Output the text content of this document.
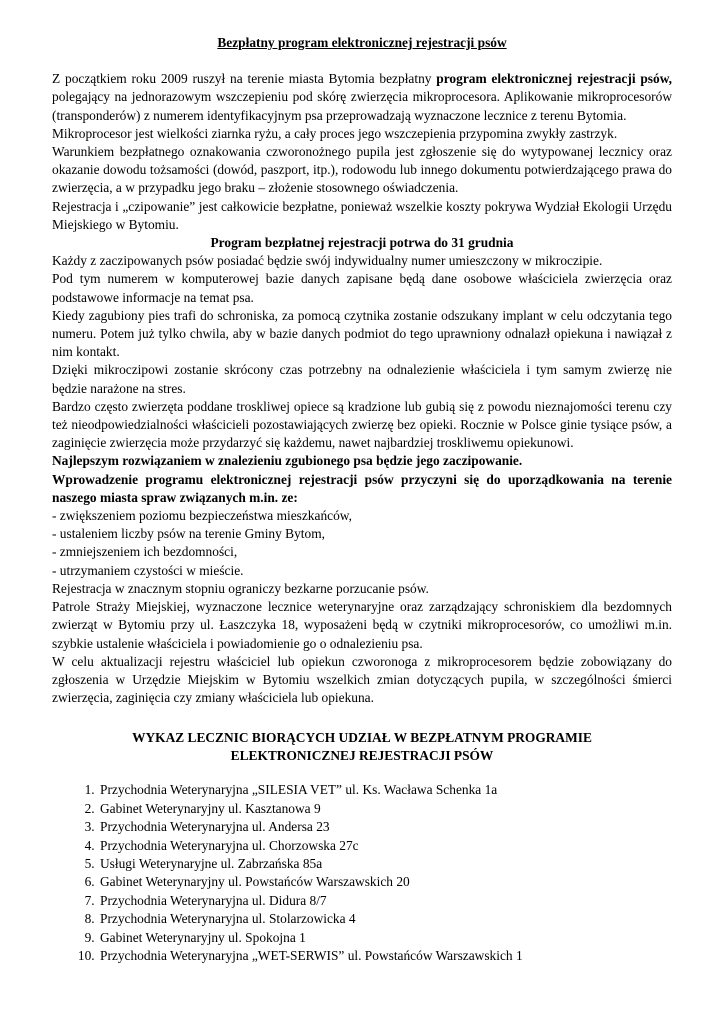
Bezpłatny program elektronicznej rejestracji psów

Z początkiem roku 2009 ruszył na terenie miasta Bytomia bezpłatny program elektronicznej rejestracji psów, polegający na jednorazowym wszczepieniu pod skórę zwierzęcia mikroprocesora. Aplikowanie mikroprocesorów (transponderów) z numerem identyfikacyjnym psa przeprowadzają wyznaczone lecznice z terenu Bytomia.

Mikroprocesor jest wielkości ziarnka ryżu, a cały proces jego wszczepienia przypomina zwykły zastrzyk.

Warunkiem bezpłatnego oznakowania czworonożnego pupila jest zgłoszenie się do wytypowanej lecznicy oraz okazanie dowodu tożsamości (dowód, paszport, itp.), rodowodu lub innego dokumentu potwierdzającego prawa do zwierzęcia, a w przypadku jego braku – złożenie stosownego oświadczenia.

Rejestracja i „czipowanie” jest całkowicie bezpłatne, ponieważ wszelkie koszty pokrywa Wydział Ekologii Urzędu Miejskiego w Bytomiu.

Program bezpłatnej rejestracji potrwa do 31 grudnia

Każdy z zaczipowanych psów posiadać będzie swój indywidualny numer umieszczony w mikroczipie.

Pod tym numerem w komputerowej bazie danych zapisane będą dane osobowe właściciela zwierzęcia oraz podstawowe informacje na temat psa.

Kiedy zagubiony pies trafi do schroniska, za pomocą czytnika zostanie odszukany implant w celu odczytania tego numeru. Potem już tylko chwila, aby w bazie danych podmiot do tego uprawniony odnalazł opiekuna i nawiązał z nim kontakt.

Dzięki mikroczipowi zostanie skrócony czas potrzebny na odnalezienie właściciela i tym samym zwierzę nie będzie narażone na stres.

Bardzo często zwierzęta poddane troskliwej opiece są kradzione lub gubią się z powodu nieznajomości terenu czy też nieodpowiedzialności właścicieli pozostawiających zwierzę bez opieki. Rocznie w Polsce ginie tysiące psów, a zaginięcie zwierzęcia może przydarzyć się każdemu, nawet najbardziej troskliwemu opiekunowi.

Najlepszym rozwiązaniem w znalezieniu zgubionego psa będzie jego zaczipowanie.

Wprowadzenie programu elektronicznej rejestracji psów przyczyni się do uporządkowania na terenie naszego miasta spraw związanych m.in. ze:

- zwiększeniem poziomu bezpieczeństwa mieszkańców,
- ustaleniem liczby psów na terenie Gminy Bytom,
- zmniejszeniem ich bezdomności,
- utrzymaniem czystości w mieście.

Rejestracja w znacznym stopniu ograniczy bezkarne porzucanie psów.

Patrole Straży Miejskiej, wyznaczone lecznice weterynaryjne oraz zarządzający schroniskiem dla bezdomnych zwierząt w Bytomiu przy ul. Łaszczyka 18, wyposażeni będą w czytniki mikroprocesorów, co umożliwi m.in. szybkie ustalenie właściciela i powiadomienie go o odnalezieniu psa.

W celu aktualizacji rejestru właściciel lub opiekun czworonoga z mikroprocesorem będzie zobowiązany do zgłoszenia w Urzędzie Miejskim w Bytomiu wszelkich zmian dotyczących pupila, w szczególności śmierci zwierzęcia, zaginięcia czy zmiany właściciela lub opiekuna.

WYKAZ LECZNIC BIORĄCYCH UDZIAŁ W BEZPŁATNYM PROGRAMIE
ELEKTRONICZNEJ REJESTRACJI PSÓW
1. Przychodnia Weterynaryjna „SILESIA VET” ul. Ks. Wacława Schenka 1a
2. Gabinet Weterynaryjny ul. Kasztanowa 9
3. Przychodnia Weterynaryjna ul. Andersa 23
4. Przychodnia Weterynaryjna ul. Chorzowska 27c
5. Usługi Weterynaryjne ul. Zabrzańska 85a
6. Gabinet Weterynaryjny ul. Powstańców Warszawskich 20
7. Przychodnia Weterynaryjna ul. Didura 8/7
8. Przychodnia Weterynaryjna ul. Stolarzowicka 4
9. Gabinet Weterynaryjny ul. Spokojna 1
10. Przychodnia Weterynaryjna „WET-SERWIS” ul. Powstańców Warszawskich 1
